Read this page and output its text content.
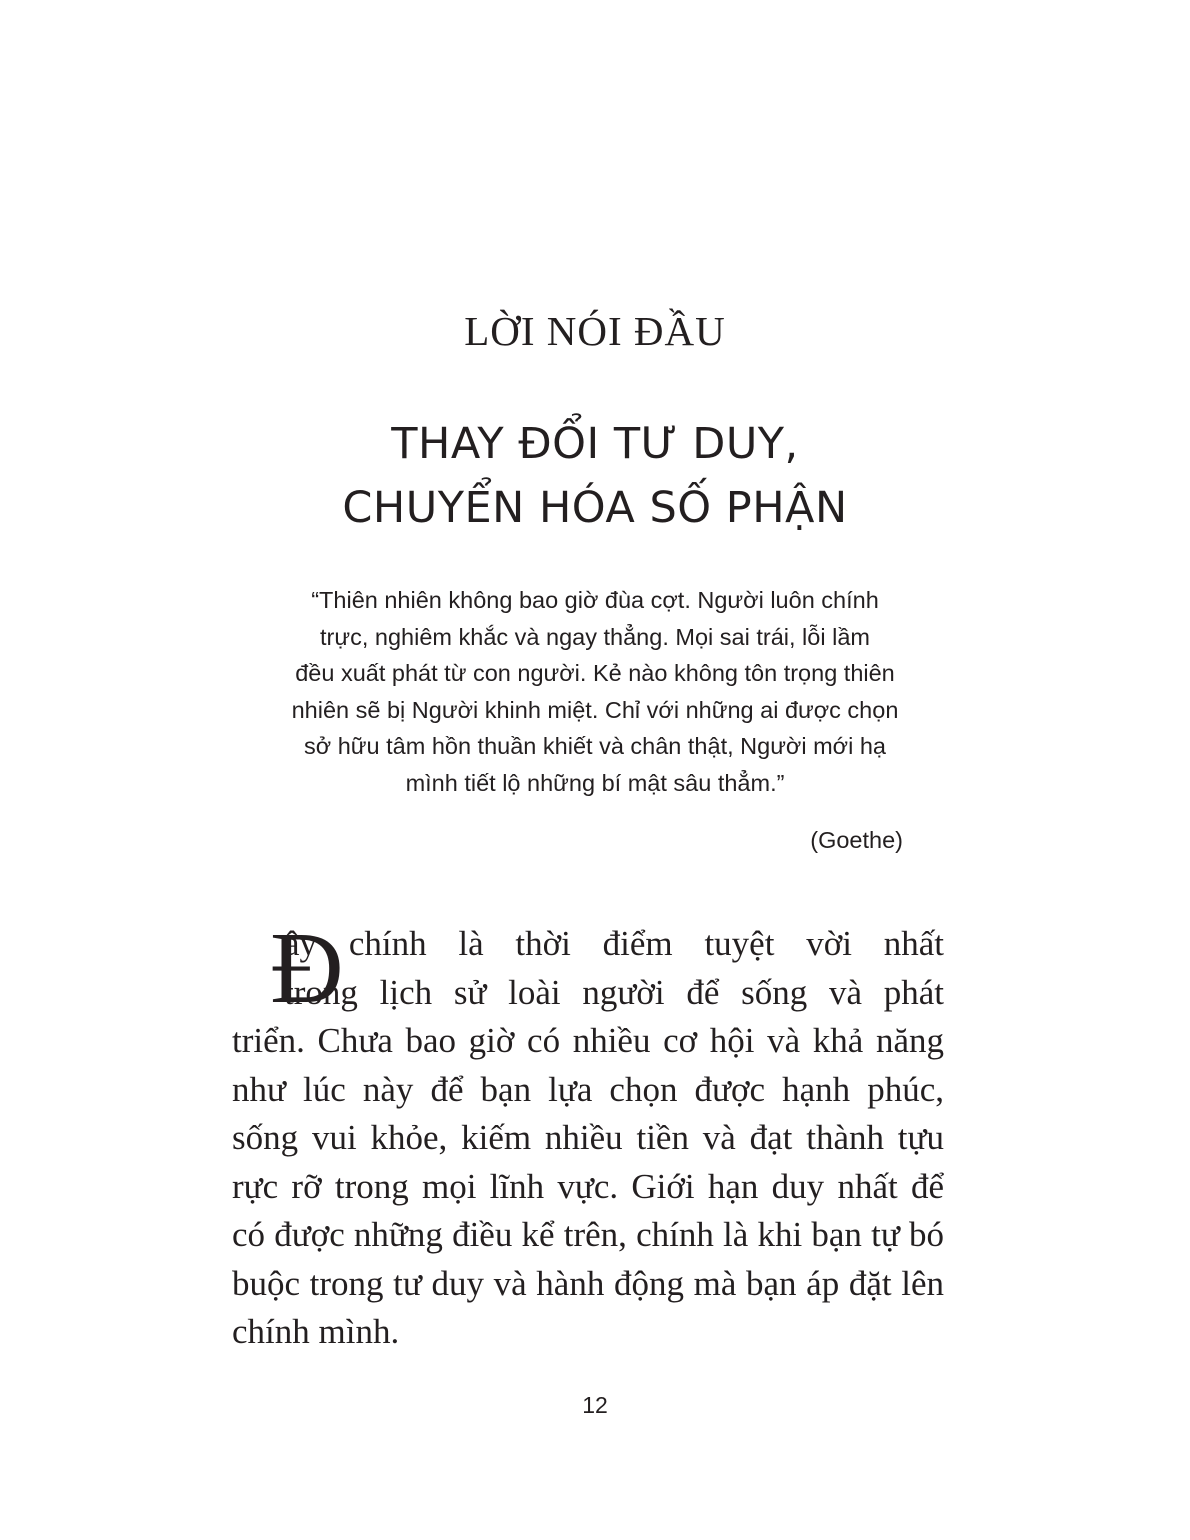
LỜI NÓI ĐẦU
THAY ĐỔI TƯ DUY,
CHUYỂN HÓA SỐ PHẬN
“Thiên nhiên không bao giờ đùa cợt. Người luôn chính
trực, nghiêm khắc và ngay thẳng. Mọi sai trái, lỗi lầm
đều xuất phát từ con người. Kẻ nào không tôn trọng thiên
nhiên sẽ bị Người khinh miệt. Chỉ với những ai được chọn
sở hữu tâm hồn thuần khiết và chân thật, Người mới hạ
mình tiết lộ những bí mật sâu thẳm.”
(Goethe)
Đ
ây chính là thời điểm tuyệt vời nhất
trong lịch sử loài người để sống và phát
triển. Chưa bao giờ có nhiều cơ hội và khả năng
như lúc này để bạn lựa chọn được hạnh phúc,
sống vui khỏe, kiếm nhiều tiền và đạt thành tựu
rực rỡ trong mọi lĩnh vực. Giới hạn duy nhất để
có được những điều kể trên, chính là khi bạn tự bó
buộc trong tư duy và hành động mà bạn áp đặt lên
chính mình.
12
